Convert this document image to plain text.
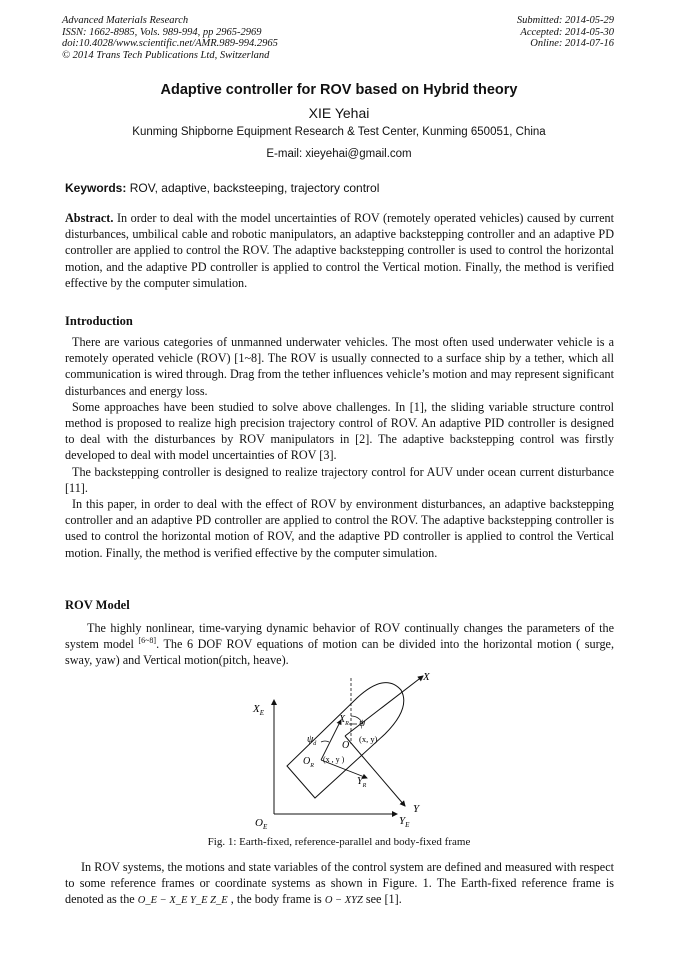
Advanced Materials Research
ISSN: 1662-8985, Vols. 989-994, pp 2965-2969
doi:10.4028/www.scientific.net/AMR.989-994.2965
© 2014 Trans Tech Publications Ltd, Switzerland
Submitted: 2014-05-29
Accepted: 2014-05-30
Online: 2014-07-16
Adaptive controller for ROV based on Hybrid theory
XIE Yehai
Kunming Shipborne Equipment Research & Test Center, Kunming 650051, China
E-mail: xieyehai@gmail.com
Keywords: ROV, adaptive, backsteeping, trajectory control
Abstract. In order to deal with the model uncertainties of ROV (remotely operated vehicles) caused by current disturbances, umbilical cable and robotic manipulators, an adaptive backstepping controller and an adaptive PD controller are applied to control the ROV. The adaptive backstepping controller is used to control the horizontal motion, and the adaptive PD controller is applied to control the Vertical motion. Finally, the method is verified effective by the computer simulation.
Introduction

There are various categories of unmanned underwater vehicles. The most often used underwater vehicle is a remotely operated vehicle (ROV) [1~8]. The ROV is usually connected to a surface ship by a tether, which all communication is wired through. Drag from the tether influences vehicle’s motion and may represent significant disturbances and energy loss.

Some approaches have been studied to solve above challenges. In [1], the sliding variable structure control method is proposed to realize high precision trajectory control of ROV. An adaptive PID controller is designed to deal with the disturbances by ROV manipulators in [2]. The adaptive backstepping control was firstly developed to deal with model uncertainties of ROV [3].

The backstepping controller is designed to realize trajectory control for AUV under ocean current disturbance [11].

In this paper, in order to deal with the effect of ROV by environment disturbances, an adaptive backstepping controller and an adaptive PD controller are applied to control the ROV. The adaptive backstepping controller is used to control the horizontal motion of ROV, and the adaptive PD controller is applied to control the Vertical motion. Finally, the method is verified effective by the computer simulation.

ROV Model

The highly nonlinear, time-varying dynamic behavior of ROV continually changes the parameters of the system model [6~8]. The 6 DOF ROV equations of motion can be divided into the horizontal motion ( surge, sway, yaw) and Vertical motion(pitch, heave).

$X_E$
$Y_E$
$O_E$
X
Y
$X_R$
$Y_R$
$O_R$
O
ψ
$\psi_d$	(x, y)
(x , y )
Fig. 1: Earth-fixed, reference-parallel and body-fixed frame

In ROV systems, the motions and state variables of the control system are defined and measured with respect to some reference frames or coordinate systems as shown in Figure. 1. The Earth-fixed reference frame is denoted as the O_E − X_E Y_E Z_E , the body frame is O − XYZ see [1].
